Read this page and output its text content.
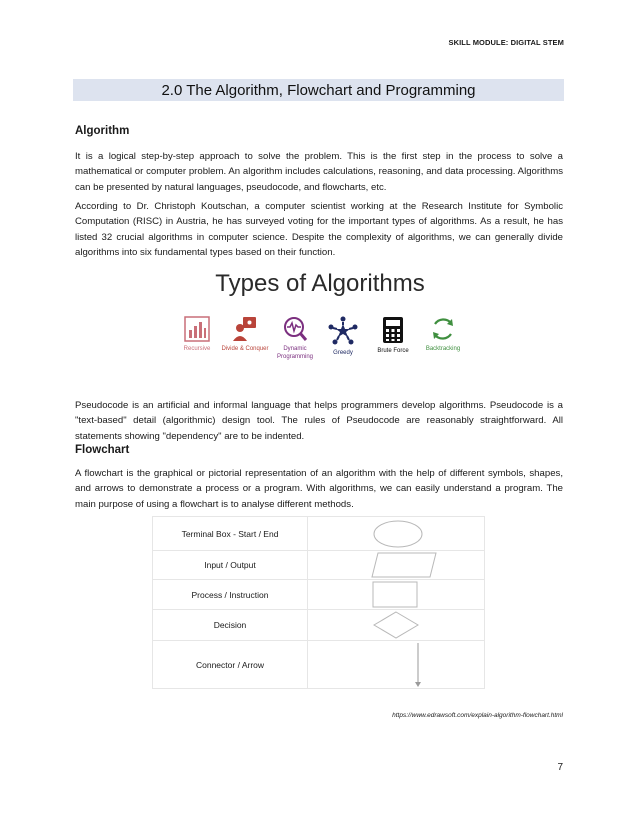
SKILL MODULE: DIGITAL STEM
2.0 The Algorithm, Flowchart and Programming
Algorithm
It is a logical step-by-step approach to solve the problem. This is the first step in the process to solve a mathematical or computer problem. An algorithm includes calculations, reasoning, and data processing. Algorithms can be presented by natural languages, pseudocode, and flowcharts, etc.
According to Dr. Christoph Koutschan, a computer scientist working at the Research Institute for Symbolic Computation (RISC) in Austria, he has surveyed voting for the important types of algorithms. As a result, he has listed 32 crucial algorithms in computer science. Despite the complexity of algorithms, we can generally divide algorithms into six fundamental types based on their function.
Types of Algorithms
Recursive	Divide & Conquer	Dynamic Programming
Greedy	Brute Force	Backtracking
Pseudocode is an artificial and informal language that helps programmers develop algorithms. Pseudocode is a "text-based" detail (algorithmic) design tool. The rules of Pseudocode are reasonably straightforward. All statements showing "dependency" are to be indented.
Flowchart
A flowchart is the graphical or pictorial representation of an algorithm with the help of different symbols, shapes, and arrows to demonstrate a process or a program. With algorithms, we can easily understand a program. The main purpose of using a flowchart is to analyse different methods.
Terminal Box - Start / End	

Input / Output	

Process / Instruction	

Decision	

Connector / Arrow	
https://www.edrawsoft.com/explain-algorithm-flowchart.html
7
